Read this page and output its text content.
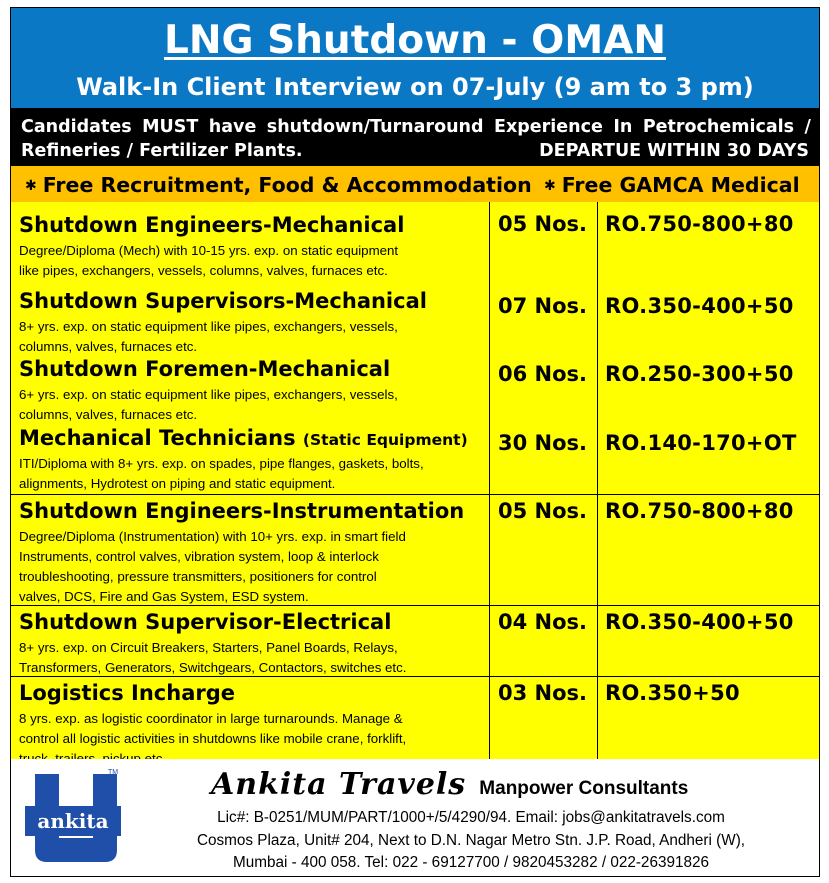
LNG Shutdown - OMAN
Walk-In Client Interview on 07-July (9 am to 3 pm)
Candidates MUST have shutdown/Turnaround Experience In Petrochemicals /
Refineries / Fertilizer Plants.	DEPARTUE WITHIN 30 DAYS
✱ Free Recruitment, Food & Accommodation ✱ Free GAMCA Medical
Shutdown Engineers-Mechanical
Degree/Diploma (Mech) with 10-15 yrs. exp. on static equipment
like pipes, exchangers, vessels, columns, valves, furnaces etc.
05 Nos. RO.750-800+80
Shutdown Supervisors-Mechanical
8+ yrs. exp. on static equipment like pipes, exchangers, vessels,
columns, valves, furnaces etc.
07 Nos. RO.350-400+50
Shutdown Foremen-Mechanical
6+ yrs. exp. on static equipment like pipes, exchangers, vessels,
columns, valves, furnaces etc.
06 Nos. RO.250-300+50
Mechanical Technicians (Static Equipment)
ITI/Diploma with 8+ yrs. exp. on spades, pipe flanges, gaskets, bolts,
alignments, Hydrotest on piping and static equipment.
30 Nos. RO.140-170+OT
Shutdown Engineers-Instrumentation
Degree/Diploma (Instrumentation) with 10+ yrs. exp. in smart field
Instruments, control valves, vibration system, loop & interlock
troubleshooting, pressure transmitters, positioners for control
valves, DCS, Fire and Gas System, ESD system.
05 Nos. RO.750-800+80
Shutdown Supervisor-Electrical
8+ yrs. exp. on Circuit Breakers, Starters, Panel Boards, Relays,
Transformers, Generators, Switchgears, Contactors, switches etc.
04 Nos. RO.350-400+50
Logistics Incharge
8 yrs. exp. as logistic coordinator in large turnarounds. Manage &
control all logistic activities in shutdowns like mobile crane, forklift,
03 Nos. RO.350+50
ankita
TM	Ankita Travels Manpower Consultants
Lic#: B-0251/MUM/PART/1000+/5/4290/94. Email: jobs@ankitatravels.com
Cosmos Plaza, Unit# 204, Next to D.N. Nagar Metro Stn. J.P. Road, Andheri (W),
Mumbai - 400 058. Tel: 022 - 69127700 / 9820453282 / 022-26391826
